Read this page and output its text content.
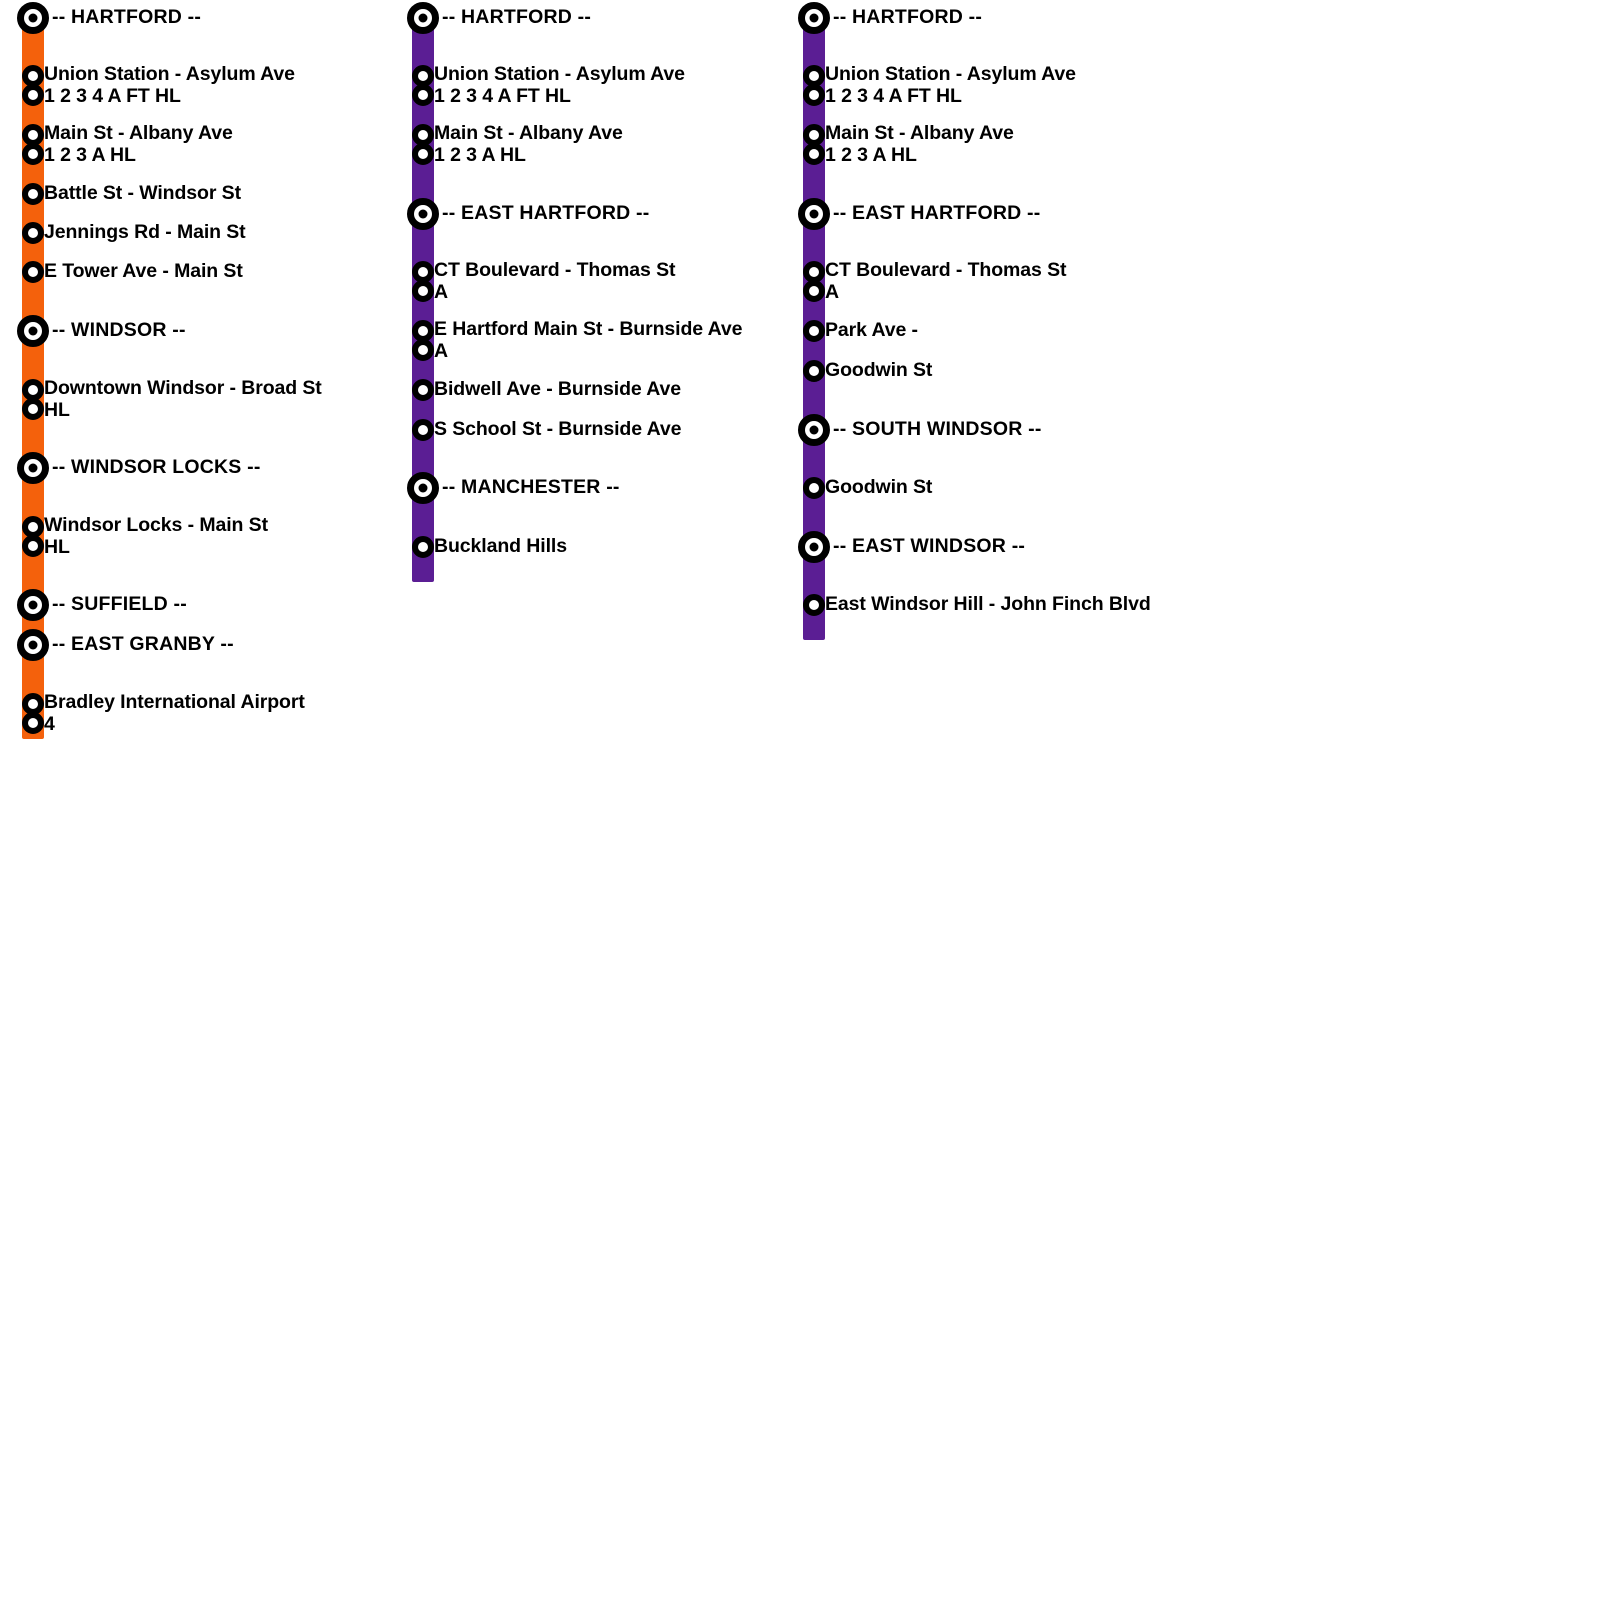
-- HARTFORD --
Union Station - Asylum Ave
1 2 3 4 A FT HL
Main St - Albany Ave
1 2 3 A HL
Battle St - Windsor St
Jennings Rd - Main St
E Tower Ave - Main St
-- WINDSOR --
Downtown Windsor - Broad St
HL
-- WINDSOR LOCKS --
Windsor Locks - Main St
HL
-- SUFFIELD --
-- EAST GRANBY --
Bradley International Airport
4
-- HARTFORD --
Union Station - Asylum Ave
1 2 3 4 A FT HL
Main St - Albany Ave
1 2 3 A HL
-- EAST HARTFORD --
CT Boulevard - Thomas St
A
E Hartford Main St - Burnside Ave
A
Bidwell Ave - Burnside Ave
S School St - Burnside Ave
-- MANCHESTER --
Buckland Hills
-- HARTFORD --
Union Station - Asylum Ave
1 2 3 4 A FT HL
Main St - Albany Ave
1 2 3 A HL
-- EAST HARTFORD --
CT Boulevard - Thomas St
A
Park Ave -
Goodwin St
-- SOUTH WINDSOR --
Goodwin St
-- EAST WINDSOR --
East Windsor Hill - John Finch Blvd
